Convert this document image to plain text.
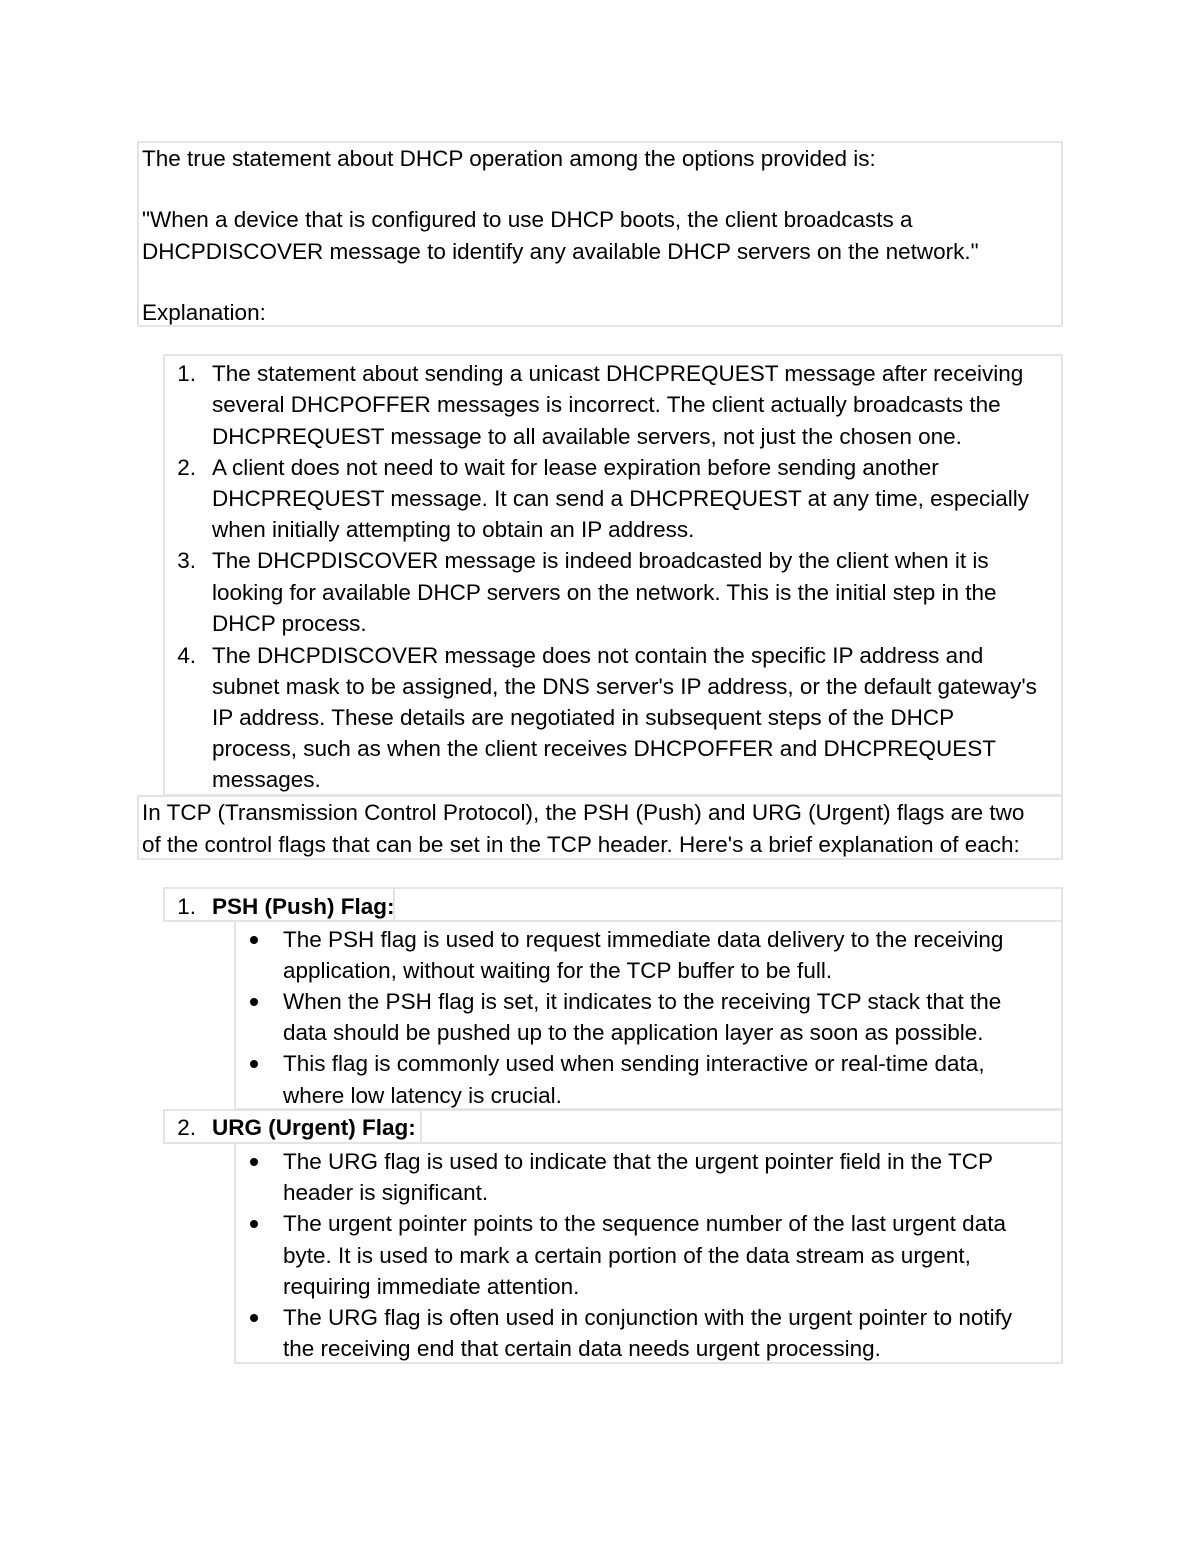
The true statement about DHCP operation among the options provided is:
"When a device that is configured to use DHCP boots, the client broadcasts a
DHCPDISCOVER message to identify any available DHCP servers on the network."
Explanation:
1. The statement about sending a unicast DHCPREQUEST message after receiving
several DHCPOFFER messages is incorrect. The client actually broadcasts the
DHCPREQUEST message to all available servers, not just the chosen one.
2. A client does not need to wait for lease expiration before sending another
DHCPREQUEST message. It can send a DHCPREQUEST at any time, especially
when initially attempting to obtain an IP address.
3. The DHCPDISCOVER message is indeed broadcasted by the client when it is
looking for available DHCP servers on the network. This is the initial step in the
DHCP process.
4. The DHCPDISCOVER message does not contain the specific IP address and
subnet mask to be assigned, the DNS server's IP address, or the default gateway's
IP address. These details are negotiated in subsequent steps of the DHCP
process, such as when the client receives DHCPOFFER and DHCPREQUEST
messages.
In TCP (Transmission Control Protocol), the PSH (Push) and URG (Urgent) flags are two
of the control flags that can be set in the TCP header. Here's a brief explanation of each:
1. PSH (Push) Flag:
The PSH flag is used to request immediate data delivery to the receiving
application, without waiting for the TCP buffer to be full.
When the PSH flag is set, it indicates to the receiving TCP stack that the
data should be pushed up to the application layer as soon as possible.
This flag is commonly used when sending interactive or real-time data,
where low latency is crucial.
2. URG (Urgent) Flag:
The URG flag is used to indicate that the urgent pointer field in the TCP
header is significant.
The urgent pointer points to the sequence number of the last urgent data
byte. It is used to mark a certain portion of the data stream as urgent,
requiring immediate attention.
The URG flag is often used in conjunction with the urgent pointer to notify
the receiving end that certain data needs urgent processing.
